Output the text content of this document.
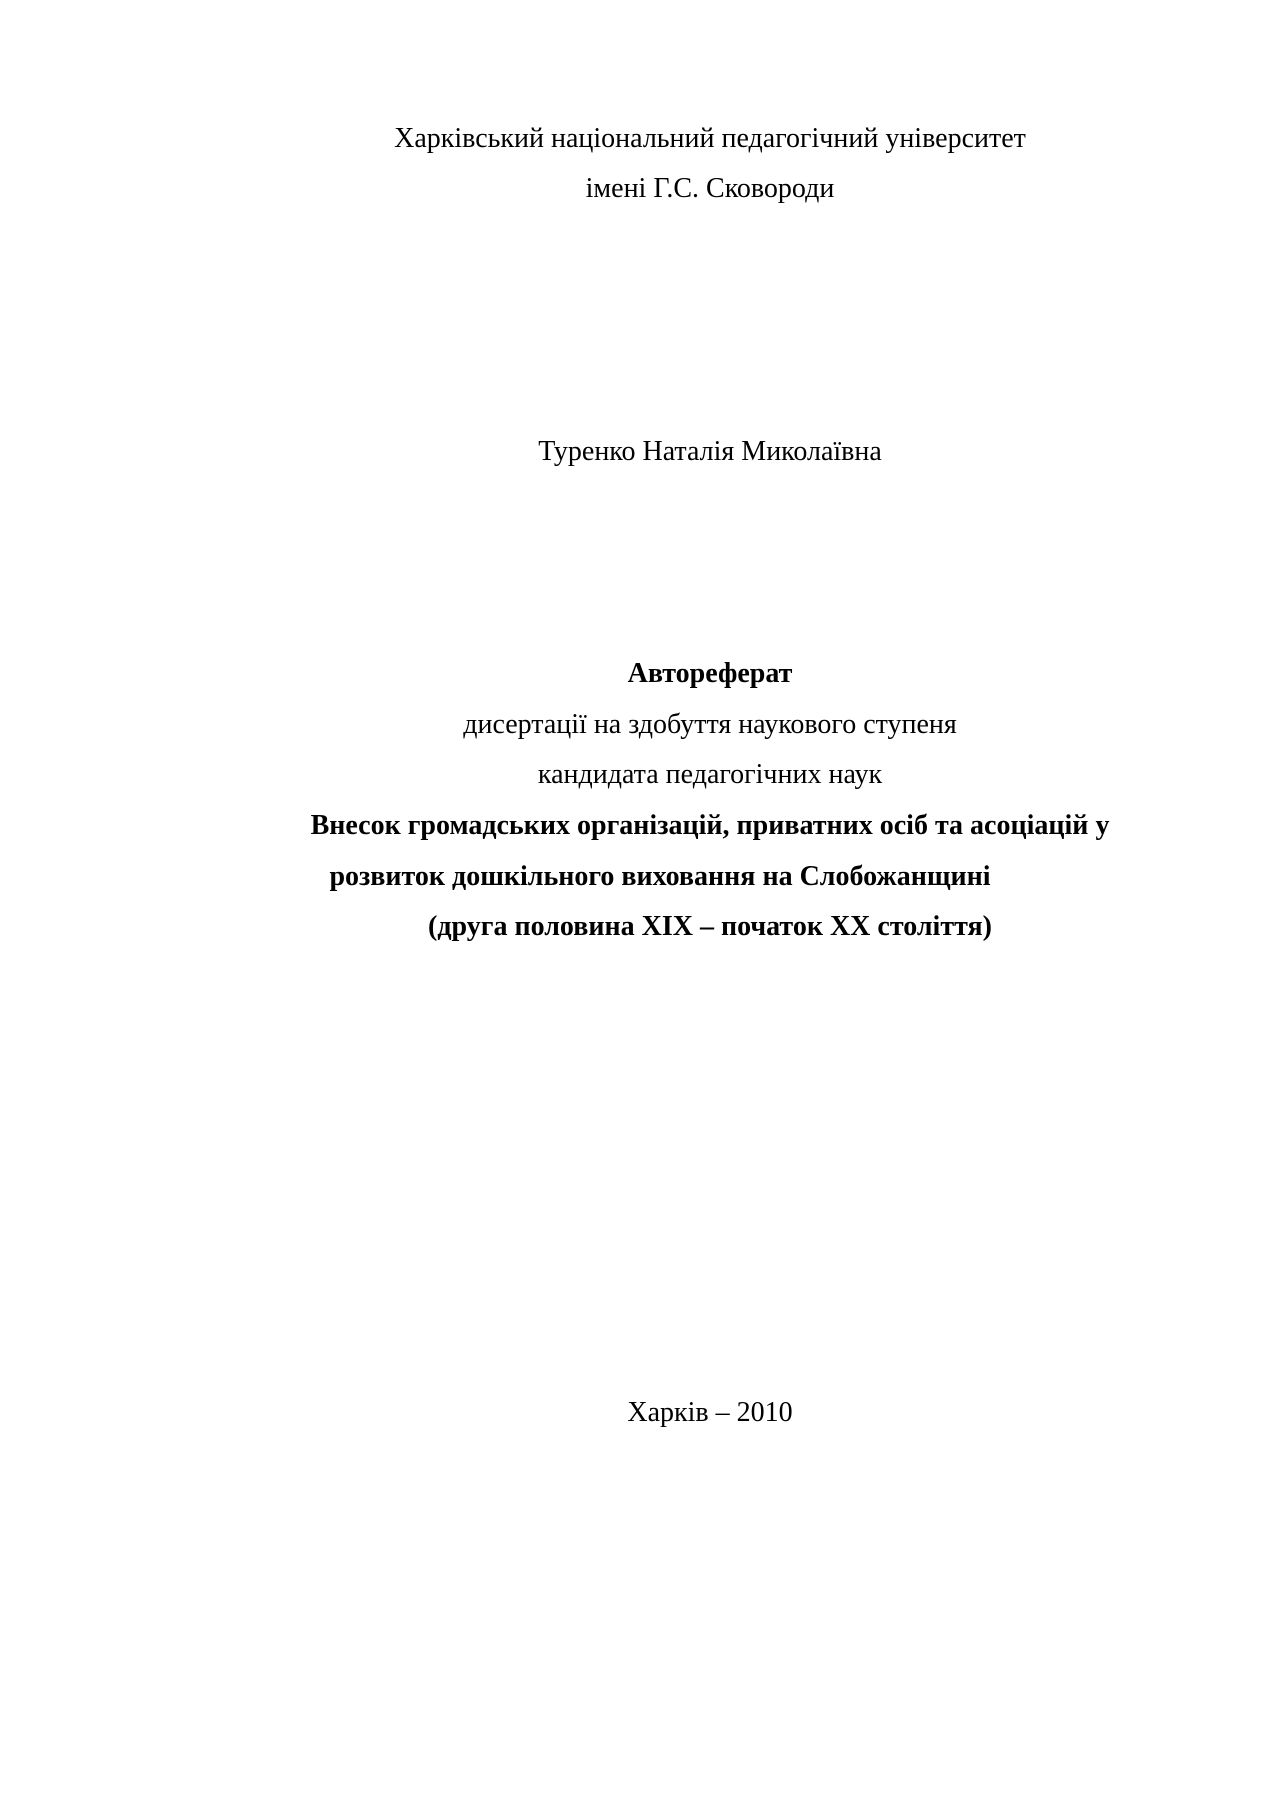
Харківський національний педагогічний університет
імені Г.С. Сковороди
Туренко Наталія Миколаївна
Автореферат
дисертації на здобуття наукового ступеня
кандидата педагогічних наук
Внесок громадських організацій, приватних осіб та асоціацій у
розвиток дошкільного виховання на Слобожанщині
(друга половина XIX – початок XX століття)
Харків – 2010
